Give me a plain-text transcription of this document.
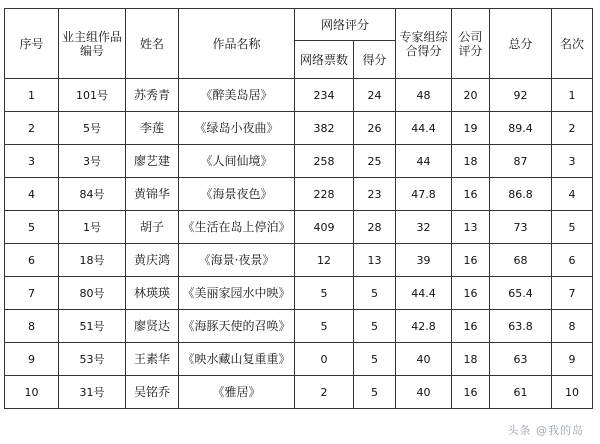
序号	业主组作品编号	姓名	作品名称	网络评分		专家组综合得分	公司评分	总分	名次
				网络票数	得分				
1	101号	苏秀青	《醉美岛居》	234	24	48	20	92	1
2	5号	李莲	《绿岛小夜曲》	382	26	44.4	19	89.4	2
3	3号	廖艺建	《人间仙境》	258	25	44	18	87	3
4	84号	黄锦华	《海景夜色》	228	23	47.8	16	86.8	4
5	1号	胡子	《生活在岛上停泊》	409	28	32	13	73	5
6	18号	黄庆鸿	《海景·夜景》	12	13	39	16	68	6
7	80号	林瑛瑛	《美丽家园水中映》	5	5	44.4	16	65.4	7
8	51号	廖贤达	《海豚天使的召唤》	5	5	42.8	16	63.8	8
9	53号	王素华	《映水藏山复重重》	0	5	40	18	63	9
10	31号	吴铭乔	《雅居》	2	5	40	16	61	10
头条 @我的岛
